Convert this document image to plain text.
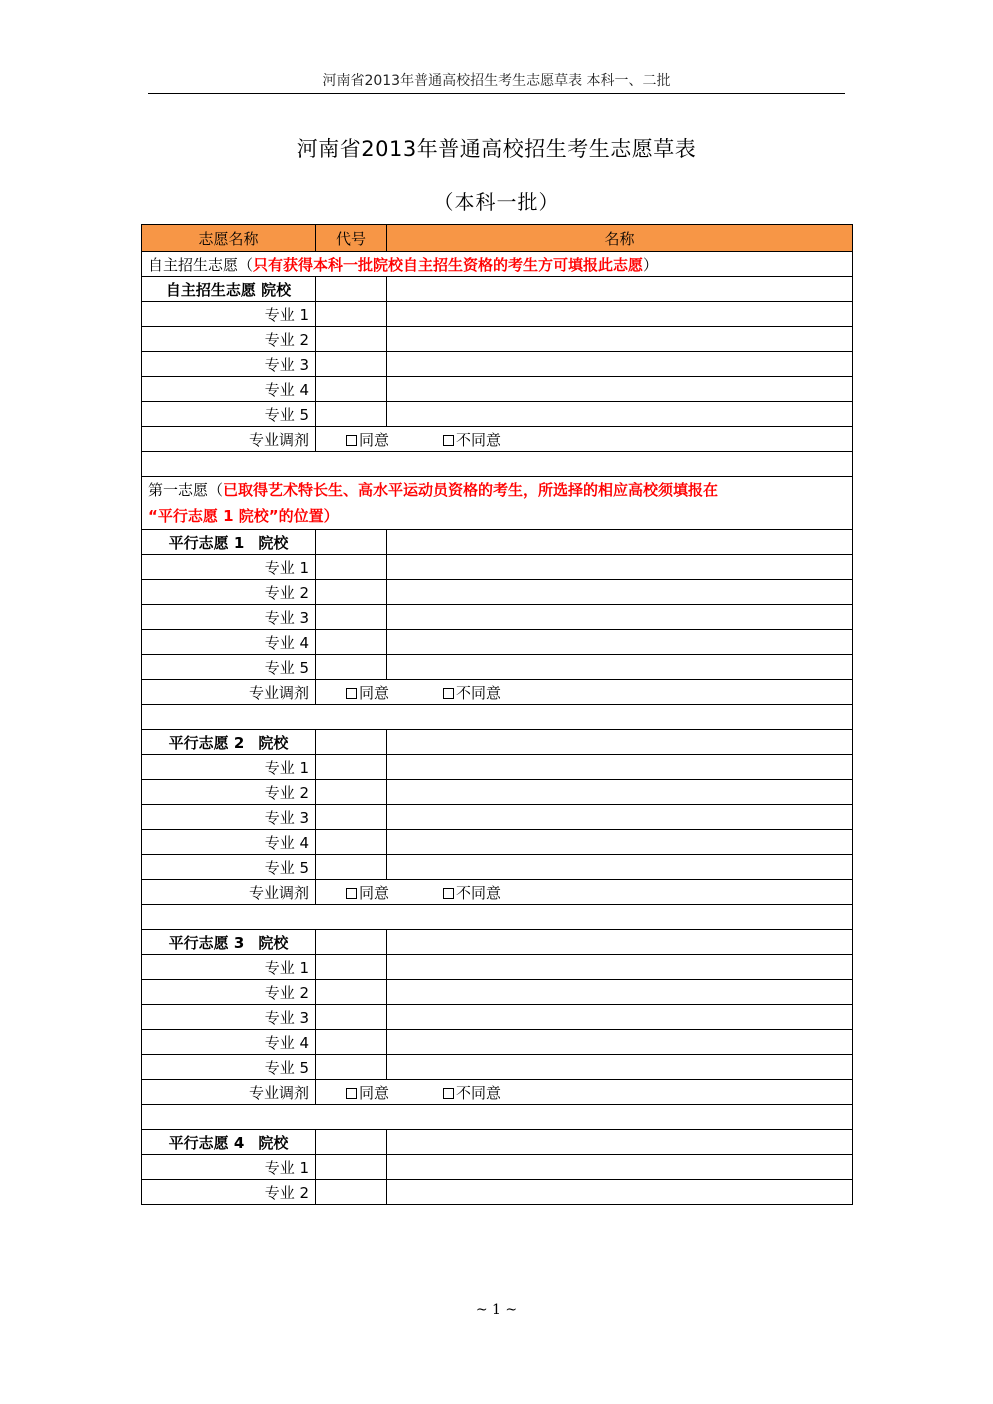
河南省2013年普通高校招生考生志愿草表 本科一、二批
河南省2013年普通高校招生考生志愿草表
（本科一批）
志愿名称	代号	名称
自主招生志愿（只有获得本科一批院校自主招生资格的考生方可填报此志愿）		
自主招生志愿 院校		
专业 1		
专业 2		
专业 3		
专业 4		
专业 5		
专业调剂	同意 不同意	

第一志愿（已取得艺术特长生、高水平运动员资格的考生，所选择的相应高校须填报在
“平行志愿 1 院校”的位置）		
平行志愿 1 院校		
专业 1		
专业 2		
专业 3		
专业 4		
专业 5		
专业调剂	同意 不同意	

平行志愿 2 院校		
专业 1		
专业 2		
专业 3		
专业 4		
专业 5		
专业调剂	同意 不同意	

平行志愿 3 院校		
专业 1		
专业 2		
专业 3		
专业 4		
专业 5		
专业调剂	同意 不同意	

平行志愿 4 院校		
专业 1		
专业 2		
~ 1 ~
